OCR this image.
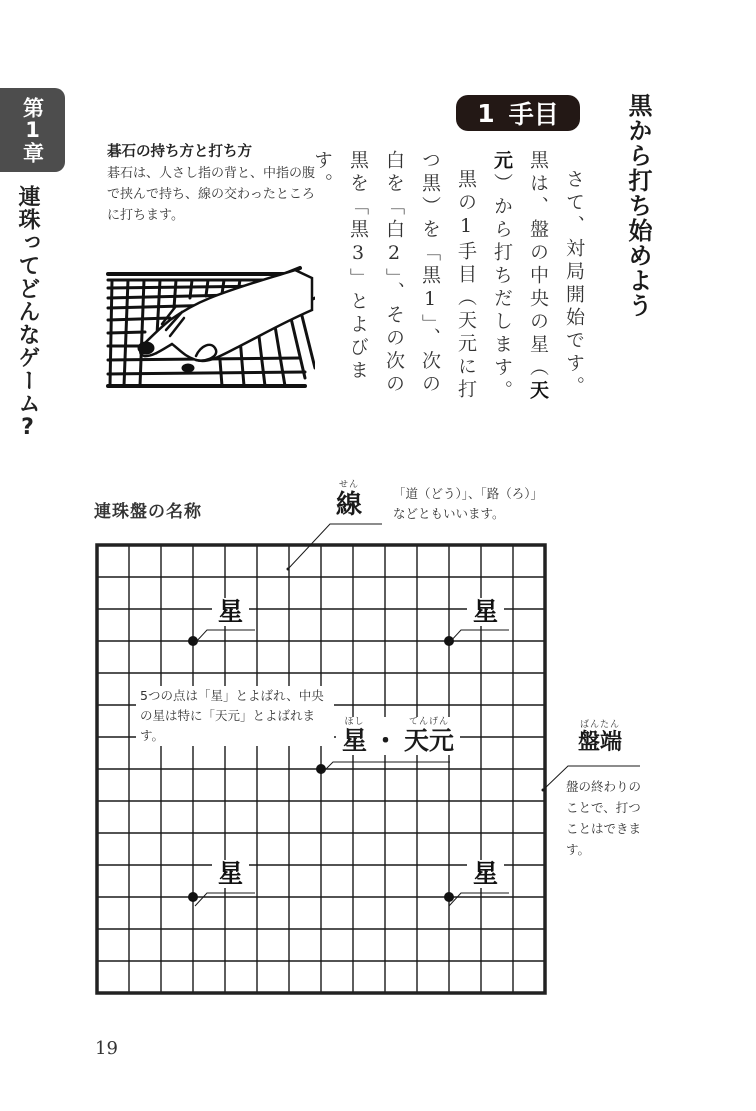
第1章
連珠ってどんなゲーム?	黒から打ち始めよう
1 手目

さて、対局開始です。黒は、盤の中央の星（天元）から打ちだします。

黒の1手目（天元に打つ黒）を「黒1」、次の白を「白2」、その次の黒を「黒3」とよびます。

碁石の持ち方と打ち方
碁石は、人さし指の背と、中指の腹で挟んで持ち、線の交わったところに打ちます。
連珠盤の名称
せん
線 「道（どう）」、「路（ろ）」などともいいます。
星	星
星	星
5つの点は「星」とよばれ、中央の星は特に「天元」とよばれます。
ほし
星 ・
てんげん
天元
ばんたん
盤端
盤の終わりのことで、打つことはできます。
19
